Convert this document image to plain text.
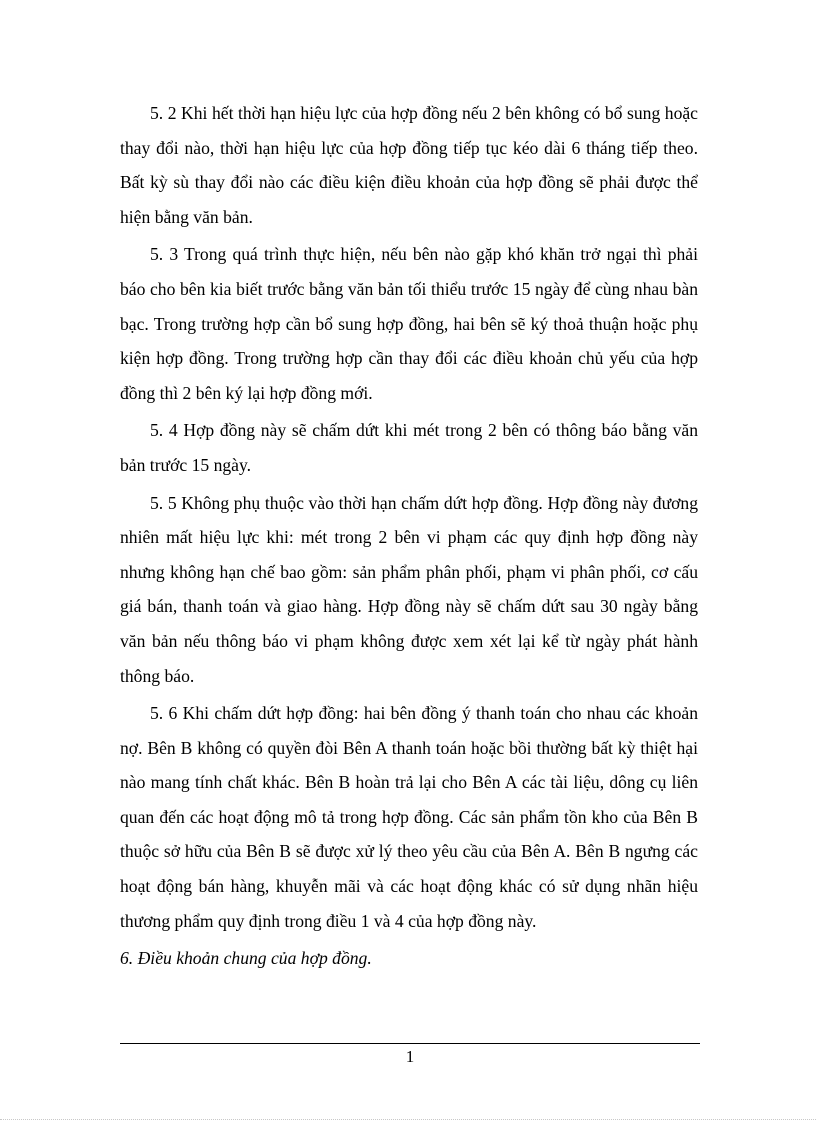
5. 2 Khi hết thời hạn hiệu lực của hợp đồng nếu 2 bên không có bổ sung hoặc thay đổi nào, thời hạn hiệu lực của hợp đồng tiếp tục kéo dài 6 tháng tiếp theo. Bất kỳ sù thay đổi nào các điều kiện điều khoản của hợp đồng sẽ phải được thể hiện bằng văn bản.

5. 3 Trong quá trình thực hiện, nếu bên nào gặp khó khăn trở ngại thì phải báo cho bên kia biết trước bằng văn bản tối thiểu trước 15 ngày để cùng nhau bàn bạc. Trong trường hợp cần bổ sung hợp đồng, hai bên sẽ ký thoả thuận hoặc phụ kiện hợp đồng. Trong trường hợp cần thay đổi các điều khoản chủ yếu của hợp đồng thì 2 bên ký lại hợp đồng mới.

5. 4 Hợp đồng này sẽ chấm dứt khi mét trong 2 bên có thông báo bằng văn bản trước 15 ngày.

5. 5 Không phụ thuộc vào thời hạn chấm dứt hợp đồng. Hợp đồng này đương nhiên mất hiệu lực khi: mét trong 2 bên vi phạm các quy định hợp đồng này nhưng không hạn chế bao gồm: sản phẩm phân phối, phạm vi phân phối, cơ cấu giá bán, thanh toán và giao hàng. Hợp đồng này sẽ chấm dứt sau 30 ngày bằng văn bản nếu thông báo vi phạm không được xem xét lại kể từ ngày phát hành thông báo.

5. 6 Khi chấm dứt hợp đồng: hai bên đồng ý thanh toán cho nhau các khoản nợ. Bên B không có quyền đòi Bên A thanh toán hoặc bồi thường bất kỳ thiệt hại nào mang tính chất khác. Bên B hoàn trả lại cho Bên A các tài liệu, dông cụ liên quan đến các hoạt động mô tả trong hợp đồng. Các sản phẩm tồn kho của Bên B thuộc sở hữu của Bên B sẽ được xử lý theo yêu cầu của Bên A. Bên B ngưng các hoạt động bán hàng, khuyễn mãi và các hoạt động khác có sử dụng nhãn hiệu thương phẩm quy định trong điều 1 và 4 của hợp đồng này.

6. Điều khoản chung của hợp đồng.

1
